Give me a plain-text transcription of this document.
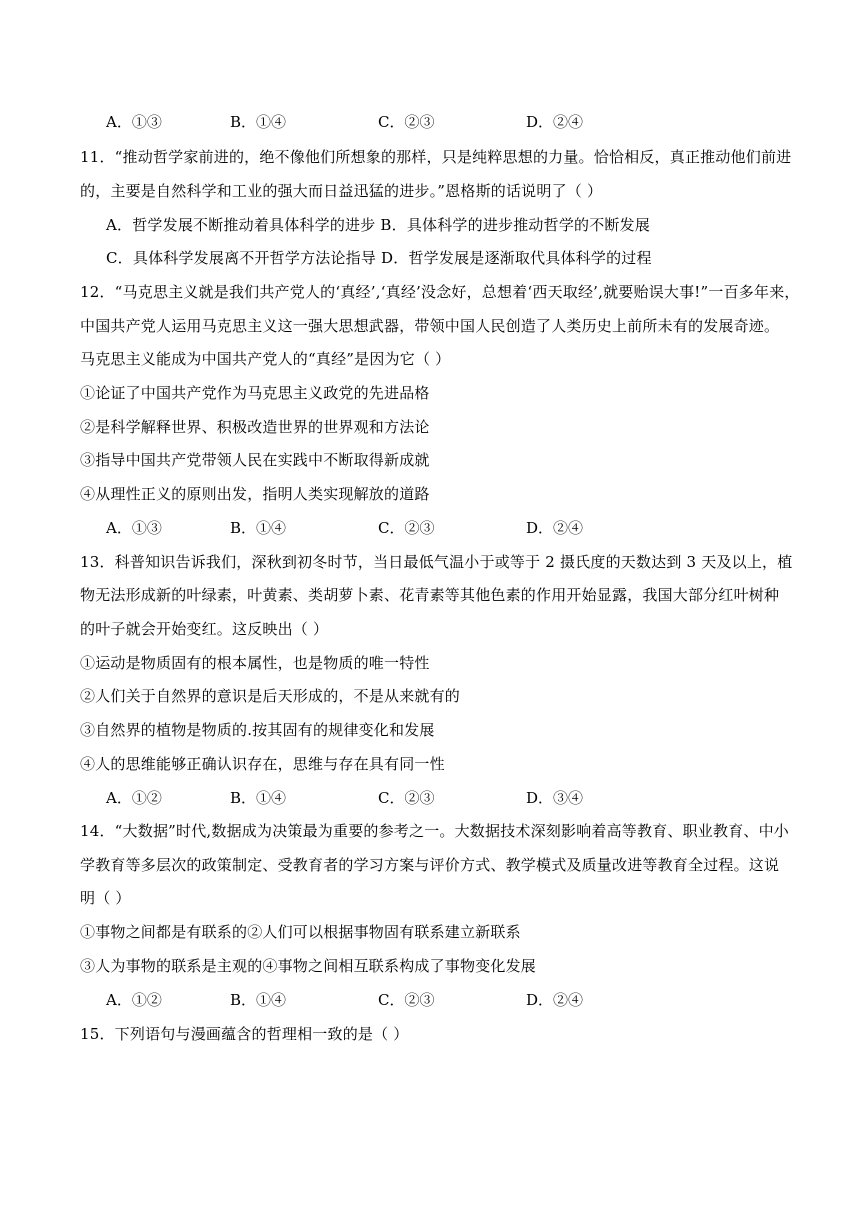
A．①③	B．①④	C．②③	D．②④
11．“推动哲学家前进的，绝不像他们所想象的那样，只是纯粹思想的力量。恰恰相反，真正推动他们前进
的，主要是自然科学和工业的强大而日益迅猛的进步。”恩格斯的话说明了（ ）
A．哲学发展不断推动着具体科学的进步 B．具体科学的进步推动哲学的不断发展
C．具体科学发展离不开哲学方法论指导 D．哲学发展是逐渐取代具体科学的过程
12．“马克思主义就是我们共产党人的‘真经’,‘真经’没念好，总想着‘西天取经’,就要贻误大事!”一百多年来，
中国共产党人运用马克思主义这一强大思想武器，带领中国人民创造了人类历史上前所未有的发展奇迹。
马克思主义能成为中国共产党人的“真经”是因为它（ ）
①论证了中国共产党作为马克思主义政党的先进品格
②是科学解释世界、积极改造世界的世界观和方法论
③指导中国共产党带领人民在实践中不断取得新成就
④从理性正义的原则出发，指明人类实现解放的道路
A．①③	B．①④	C．②③	D．②④
13．科普知识告诉我们，深秋到初冬时节，当日最低气温小于或等于 2 摄氏度的天数达到 3 天及以上，植
物无法形成新的叶绿素，叶黄素、类胡萝卜素、花青素等其他色素的作用开始显露，我国大部分红叶树种
的叶子就会开始变红。这反映出（ ）
①运动是物质固有的根本属性，也是物质的唯一特性
②人们关于自然界的意识是后天形成的，不是从来就有的
③自然界的植物是物质的.按其固有的规律变化和发展
④人的思维能够正确认识存在，思维与存在具有同一性
A．①②	B．①④	C．②③	D．③④
14．“大数据”时代,数据成为决策最为重要的参考之一。大数据技术深刻影响着高等教育、职业教育、中小
学教育等多层次的政策制定、受教育者的学习方案与评价方式、教学模式及质量改进等教育全过程。这说
明（ ）
①事物之间都是有联系的②人们可以根据事物固有联系建立新联系
③人为事物的联系是主观的④事物之间相互联系构成了事物变化发展
A．①②	B．①④	C．②③	D．②④
15．下列语句与漫画蕴含的哲理相一致的是（ ）
